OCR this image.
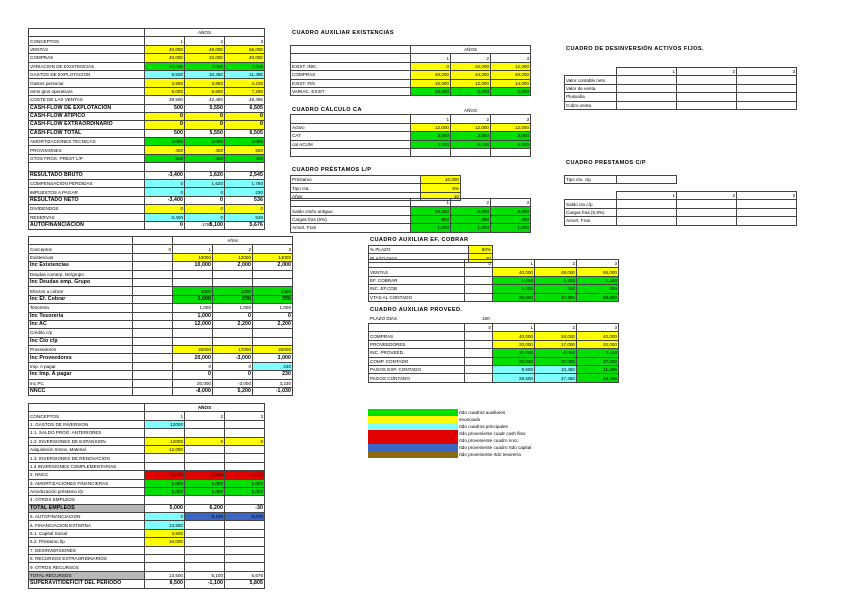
	AÑOS		
CONCEPTOS	1	2	3
VENTAS	40,000	48,000	56,000
COMPRAS	40,000	34,000	40,000
VARIACION DE EXISTENCIAS	10,000	2,000	2,000
GASTOS DE EXPLOTACION	9,500	10,450	11,495
Gastos personal	3,500	3,850	4,235
otros gtos operativos	6,000	6,600	7,260
COSTE DE LAS VENTAS	39,500	42,450	49,495
CASH-FLOW DE EXPLOTACIÓN	500	5,550	6,505
CASH-FLOW ATIPICO	0	0	0
CASH-FLOW EXTRAORDINARIO	0	0	0
CASH-FLOW TOTAL	500	5,550	6,505
AMORTIZACIONES TECNICAS	3,000	3,000	3,000
PROVISIONES	400	400	500
GTOS FROS. PRÉST L/P	500	450	400

RESULTADO BRUTO	-3,400	1,620	2,545
COMPENSACIÓN PÉRDIDAS	0	1,620	1,780
IMPUESTOS A PAGAR	0	0	230
RESULTADO NETO	-3,400	0	536
DIVIDENDOS	0	0	0
RESERVAS	-3,400	0	536
AUTOFINANCIACION	0	5,100	5,676
1780
		Años		
Conceptos	0	1	2	3
Existencias		10000	12000	14000
Inc Existencias		10,000	2,000	2,000
Deudas comerp. De/grupo				
Inc Deudas emp. Grupo				
Efectos a cobrar		1000	1200	1400
Inc Ef. Cobrar		1,000	200	200
Tesoreria		1,000	1,000	1,000
Inc Tesoreria		1,000	0	0
Inc AC		12,000	2,200	2,200
Crédito c/p				
Inc Cto c/p				
Proveedores		20000	17000	20000
Inc Proveedores		20,000	-3,000	3,000
Imp. A pagar		0	0	230
Inc Imp. A pagar		0	0	230
Inc PC		20,000	-3,000	3,230
NNCC		-8,000	5,200	-1,030
	AÑOS		
CONCEPTOS	1	2	3
1. GASTOS DE INVERSION	12000		
1.1. SALDO PROG. ANTERIORES			
1.2. INVERSIONES DE EXPANSION	12000	0	0
Adquisición Inmov. Material	12,000		
1.3. INVERSIONES DE RENOVACION			
1.4 INVERSIONES COMPLEMENTARIAS			
2. NNCC	-8,000	5,200	-1,030
3. AMORTIZACIONES FINANCIERAS	1,000	1,000	1,000
Amortización préstamo l/p	1,000	1,000	1,000
4. OTROS EMPLEOS			
TOTAL EMPLEOS	5,000	6,200	-30
5. AUTOFINANCIACION	0	5,100	5,676
6. FINANCIACION EXTERNA	13,500		
6.1. Capital Social	3,500		
6.2. Préstamo l/p	10,000		
7. DESINVERSIONES			
8. RECURSOS EXTRAORDINARIOS			
9. OTROS RECURSOS			
TOTAL RECURSOS	13,500	5,100	5,676
SUPERÁVIT/DÉFICIT DEL PERIODO	8,500	-1,100	5,805
CUADRO AUXILIAR EXISTENCIAS
	AÑOS		
	1	2	3
EXIST. INIC.	0	10,000	12,000
COMPRAS	40,000	34,000	40,000
EXIST. FIN	10,000	12,000	14,000
VARIAC. EXIST	10,000	2,000	2,000
CUADRO CÁLCULO CA
		AÑOS		
	1	2	3
Activo	12,000	12,000	12,000
CAT	3,000	3,000	3,000
cat ACUM	3,000	6,000	9,000

CUADRO PRÉSTAMOS L/P
Préstamo	10,000
Tipo cta.	5%
Años	10
	1	2	3
Saldo cto/to antiguo	10,000	9,000	8,000
Cargas fras (5%)	500	450	400
Amort. Fras	1,000	1,000	1,000
CUADRO AUXILIAR EF. COBRAR
% PLAZO	50%
PLAZO DIAS	30
	0	1	2	3
VENTAS		40,000	48,000	56,000
EF. COBRAR		1,000	1,200	1,400
INC. EF.COB		1,000	200	200
VTAS AL CONTADO		39,000	47,800	55,800
CUADRO AUXILIAR PROVEED.
PLAZO DIAS	180
	0	1	2	3
COMPRAS		40,000	34,000	40,000
PROVEEDORES		20,000	17,000	20,000
INC. PROVEED.		20,000	-3,000	3,000
COMP. CONTADO		20,000	37,000	37,000
PAGOS EXP. CONTADO		9,500	10,450	11,495
PAGOS CONTADO		29,500	47,450	48,495
CUADRO DE DESINVERSIÓN ACTIVOS FIJOS.
	1	2	3
Valor contable neto			
Valor de venta			
Plusvalía			
Cobro venta			
CUADRO PRESTAMOS C/P
Tipo cto. c/p	
	1	2	3
Saldo cto c/p			
Cargas fras (5,9%)			
Amort. Fras			
rtdo cuadros auxiliares
enunciado
rtdo cuadros principales
rtdo proveniente cuadr cash flow
rtdo proveniente cuadro nncc
rtdo proveniente cuadro rtdo capital
rtdo proveniente rtdo tesorería
